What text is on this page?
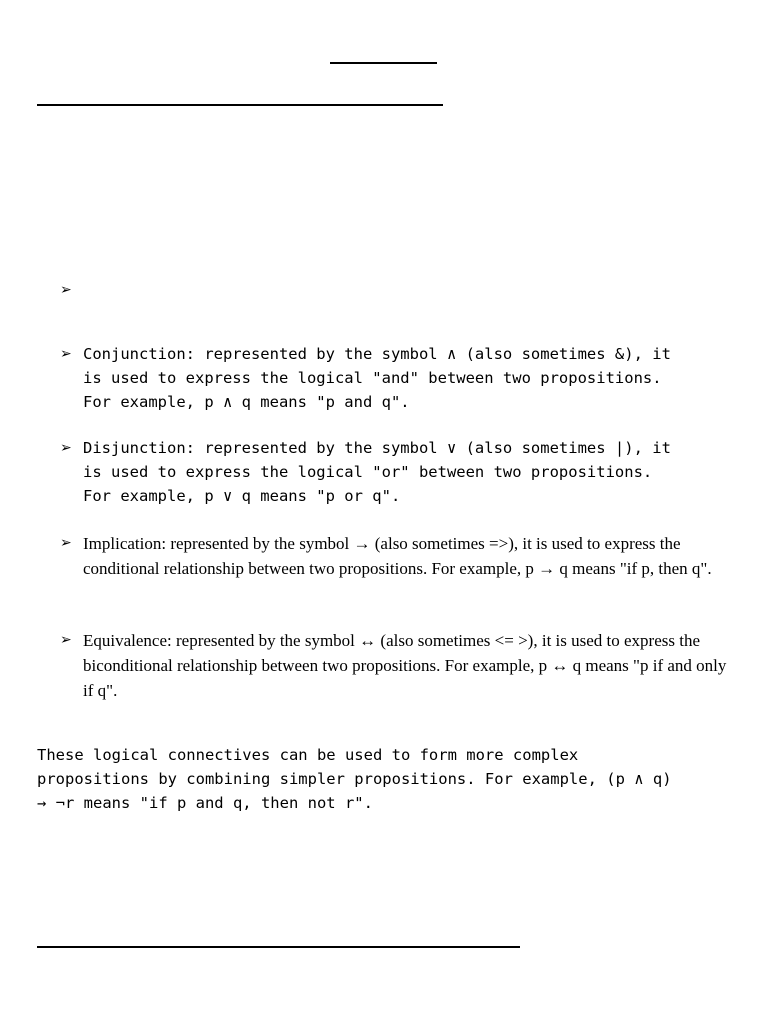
➢
➢ Conjunction: represented by the symbol ∧ (also sometimes &), it
is used to express the logical "and" between two propositions.
For example, p ∧ q means "p and q".
➢ Disjunction: represented by the symbol ∨ (also sometimes |), it
is used to express the logical "or" between two propositions.
For example, p ∨ q means "p or q".
➢ Implication: represented by the symbol → (also sometimes =>), it is used to express the conditional relationship between two propositions. For example, p → q means "if p, then q".
➢ Equivalence: represented by the symbol ↔ (also sometimes <= >), it is used to express the biconditional relationship between two propositions. For example, p ↔ q means "p if and only if q".
These logical connectives can be used to form more complex
propositions by combining simpler propositions. For example, (p ∧ q)
→ ¬r means "if p and q, then not r".
